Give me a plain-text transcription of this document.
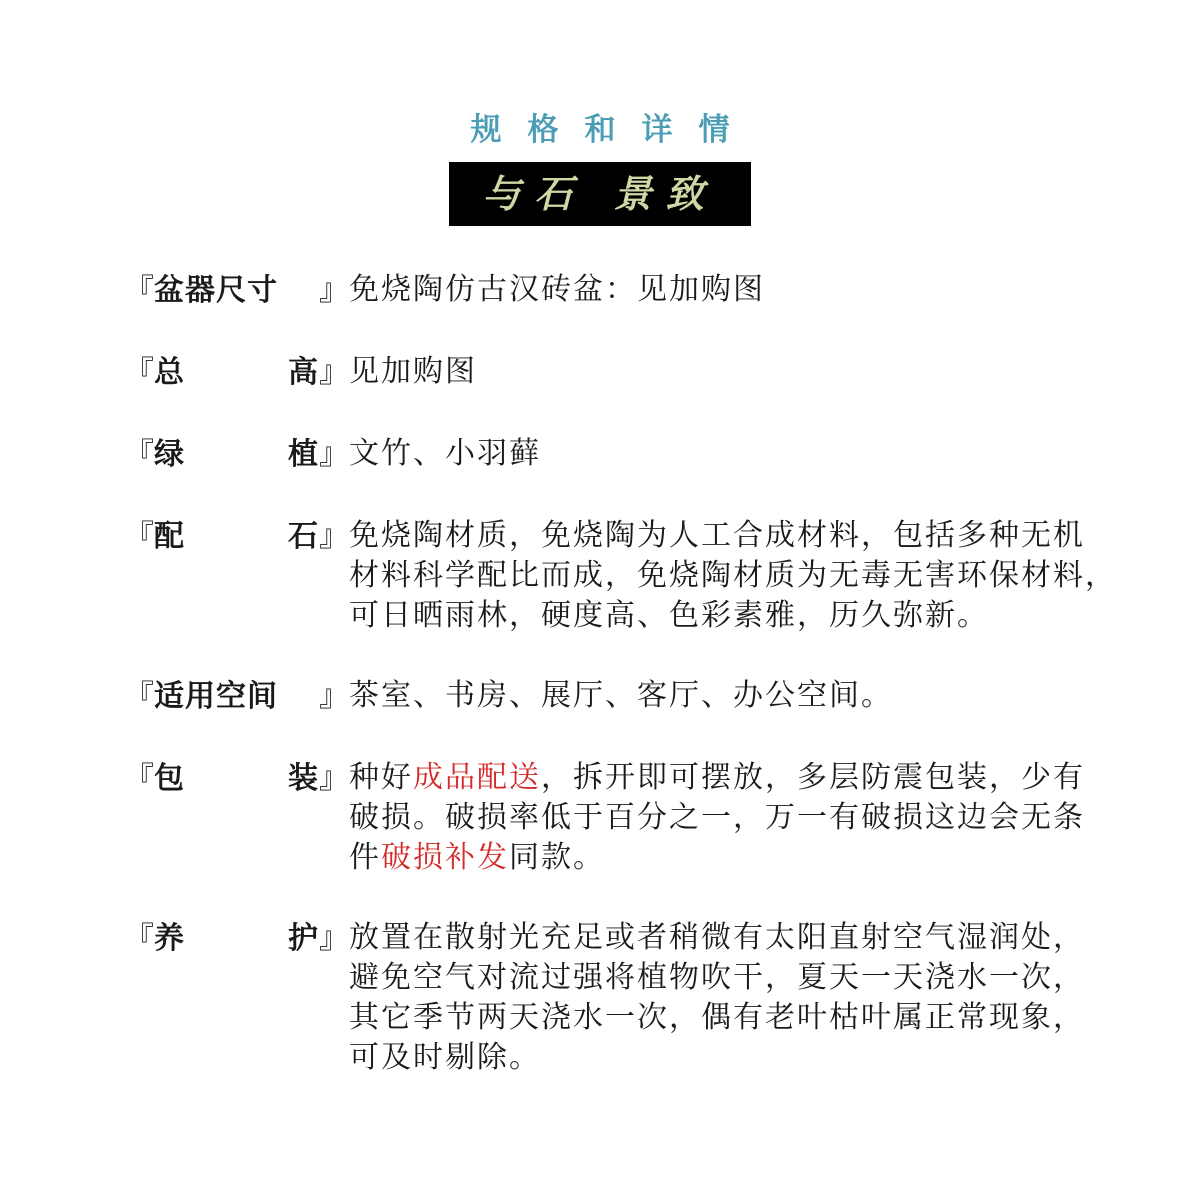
规格和详情
与石 景致
『 盆器尺寸 』 免烧陶仿古汉砖盆：见加购图
『 总	高 』 见加购图
『 绿	植 』 文竹、小羽藓
『 配	石 』 免烧陶材质，免烧陶为人工合成材料，包括多种无机
材料科学配比而成，免烧陶材质为无毒无害环保材料，
可日晒雨林，硬度高、色彩素雅，历久弥新。
『 适用空间 』 茶室、书房、展厅、客厅、办公空间。
『 包	装 』 种好成品配送，拆开即可摆放，多层防震包装，少有
破损。破损率低于百分之一，万一有破损这边会无条
件破损补发同款。
『 养	护 』 放置在散射光充足或者稍微有太阳直射空气湿润处，
避免空气对流过强将植物吹干，夏天一天浇水一次，
其它季节两天浇水一次，偶有老叶枯叶属正常现象，
可及时剔除。
